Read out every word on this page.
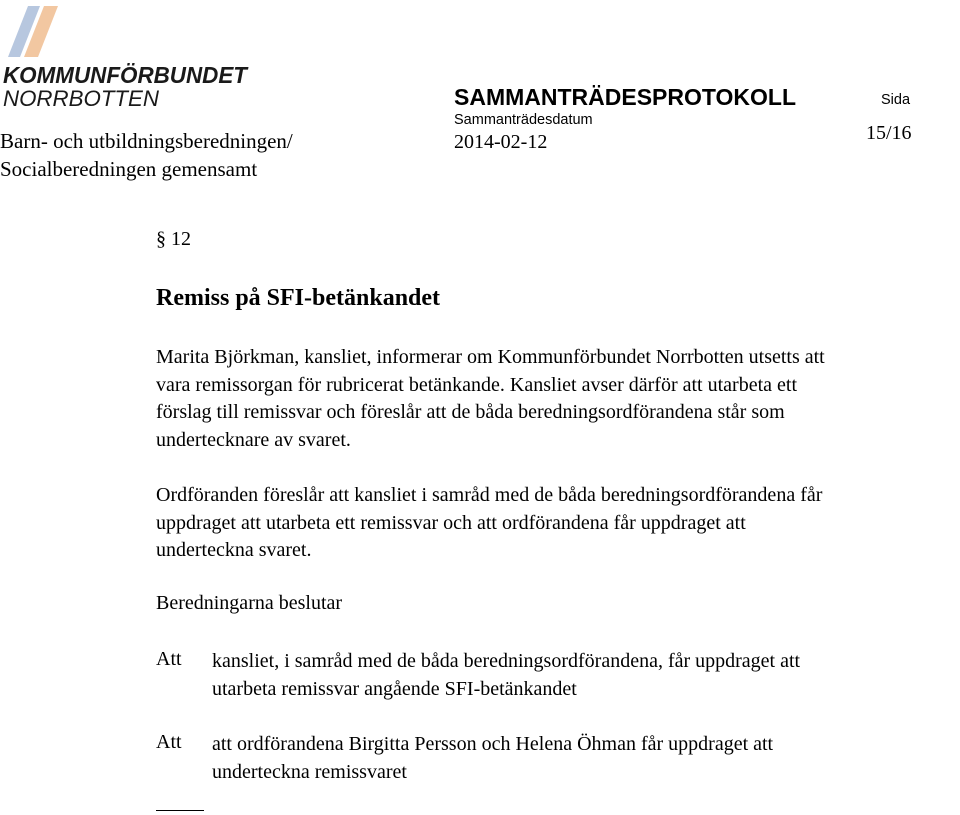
KOMMUNFÖRBUNDET
NORRBOTTEN
Barn- och utbildningsberedningen/
Socialberedningen gemensamt
SAMMANTRÄDESPROTOKOLL
Sammanträdesdatum
2014-02-12
Sida
15/16
§ 12
Remiss på SFI-betänkandet
Marita Björkman, kansliet, informerar om Kommunförbundet Norrbotten utsetts att
vara remissorgan för rubricerat betänkande. Kansliet avser därför att utarbeta ett
förslag till remissvar och föreslår att de båda beredningsordförandena står som
undertecknare av svaret.
Ordföranden föreslår att kansliet i samråd med de båda beredningsordförandena får
uppdraget att utarbeta ett remissvar och att ordförandena får uppdraget att
underteckna svaret.
Beredningarna beslutar
Att kansliet, i samråd med de båda beredningsordförandena, får uppdraget att
utarbeta remissvar angående SFI-betänkandet
Att att ordförandena Birgitta Persson och Helena Öhman får uppdraget att
underteckna remissvaret
